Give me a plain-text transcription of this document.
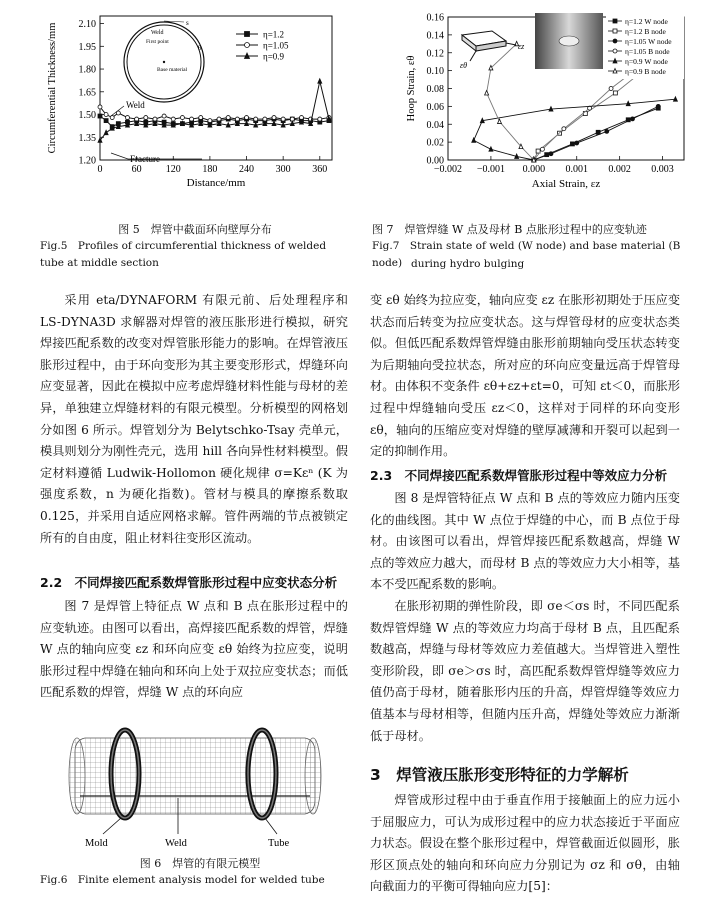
0	60 120 180 240 300 360
1.20
1.35
1.50
1.65
1.80
1.95
2.10
Distance/mm
Circumferential Thickness/mm	s
Weld
First point
Base material
θ
Weld
Fracture
η=1.2
η=1.05
η=0.9
图 5　焊管中截面环向壁厚分布
Fig.5　Profiles of circumferential thickness of welded tube at middle section
−0.002 −0.001 0.000 0.001 0.002 0.003
0.00
0.02
0.04
0.06
0.08
0.10
0.12
0.14
0.16
Axial Strain, εz
Hoop Strain, εθ	εθ
εz
η=1.2 W node
η=1.2 B node
η=1.05 W node
η=1.05 B node
η=0.9 W node
η=0.9 B node
图 7　焊管焊缝 W 点及母材 B 点胀形过程中的应变轨迹
Fig.7　Strain state of weld (W node) and base material (B node) during hydro bulging

采用 eta/DYNAFORM 有限元前、后处理程序和 LS-DYNA3D 求解器对焊管的液压胀形进行模拟，研究焊接匹配系数的改变对焊管胀形能力的影响。在焊管液压胀形过程中，由于环向变形为其主要变形形式，焊缝环向应变显著，因此在模拟中应考虑焊缝材料性能与母材的差异，单独建立焊缝材料的有限元模型。分析模型的网格划分如图 6 所示。焊管划分为 Belytschko-Tsay 壳单元，模具则划分为刚性壳元，选用 hill 各向异性材料模型。假定材料遵循 Ludwik-Hollomon 硬化规律 σ=Kεⁿ (K 为强度系数，n 为硬化指数)。管材与模具的摩擦系数取 0.125，并采用自适应网格求解。管件两端的节点被锁定所有的自由度，阻止材料往变形区流动。

2.2　不同焊接匹配系数焊管胀形过程中应变状态分析

图 7 是焊管上特征点 W 点和 B 点在胀形过程中的应变轨迹。由图可以看出，高焊接匹配系数的焊管，焊缝 W 点的轴向应变 εz 和环向应变 εθ 始终为拉应变，说明胀形过程中焊缝在轴向和环向上处于双拉应变状态；而低匹配系数的焊管，焊缝 W 点的环向应

Mold	Weld	Tube
图 6　焊管的有限元模型
Fig.6　Finite element analysis model for welded tube

变 εθ 始终为拉应变，轴向应变 εz 在胀形初期处于压应变状态而后转变为拉应变状态。这与焊管母材的应变状态类似。但低匹配系数焊管焊缝由胀形前期轴向受压状态转变为后期轴向受拉状态，所对应的环向应变量远高于焊管母材。由体积不变条件 εθ+εz+εt=0，可知 εt＜0，而胀形过程中焊缝轴向受压 εz＜0，这样对于同样的环向变形 εθ，轴向的压缩应变对焊缝的壁厚减薄和开裂可以起到一定的抑制作用。

2.3　不同焊接匹配系数焊管胀形过程中等效应力分析

图 8 是焊管特征点 W 点和 B 点的等效应力随内压变化的曲线图。其中 W 点位于焊缝的中心，而 B 点位于母材。由该图可以看出，焊管焊接匹配系数越高，焊缝 W 点的等效应力越大，而母材 B 点的等效应力大小相等，基本不受匹配系数的影响。

在胀形初期的弹性阶段，即 σe＜σs 时，不同匹配系数焊管焊缝 W 点的等效应力均高于母材 B 点，且匹配系数越高，焊缝与母材等效应力差值越大。当焊管进入塑性变形阶段，即 σe＞σs 时，高匹配系数焊管焊缝等效应力值仍高于母材，随着胀形内压的升高，焊管焊缝等效应力值基本与母材相等，但随内压升高，焊缝处等效应力渐渐低于母材。

3　焊管液压胀形变形特征的力学解析

焊管成形过程中由于垂直作用于接触面上的应力远小于屈服应力，可认为成形过程中的应力状态接近于平面应力状态。假设在整个胀形过程中，焊管截面近似圆形，胀形区顶点处的轴向和环向应力分别记为 σz 和 σθ，由轴向截面力的平衡可得轴向应力[5]：
